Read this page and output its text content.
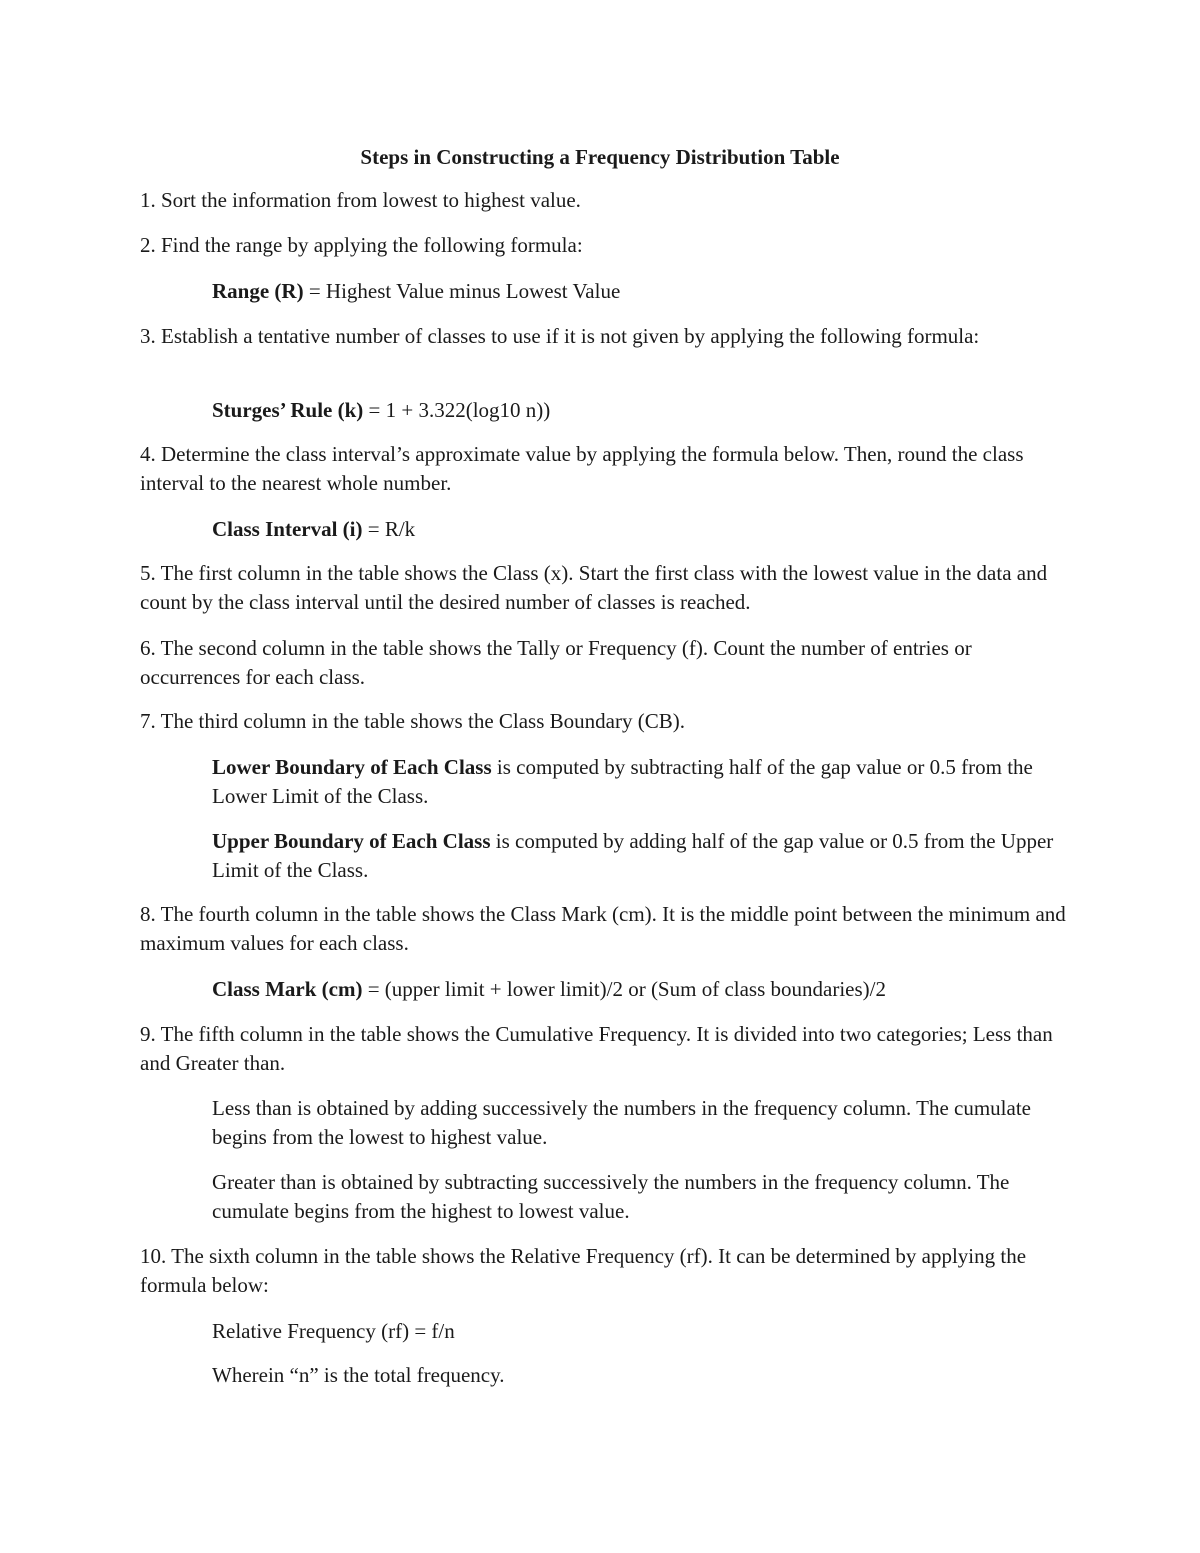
Steps in Constructing a Frequency Distribution Table

1. Sort the information from lowest to highest value.

2. Find the range by applying the following formula:

Range (R) = Highest Value minus Lowest Value

3. Establish a tentative number of classes to use if it is not given by applying the following formula:

Sturges’ Rule (k) = 1 + 3.322(log10 n))

4. Determine the class interval’s approximate value by applying the formula below. Then, round the class interval to the nearest whole number.

Class Interval (i) = R/k

5. The first column in the table shows the Class (x). Start the first class with the lowest value in the data and count by the class interval until the desired number of classes is reached.

6. The second column in the table shows the Tally or Frequency (f). Count the number of entries or occurrences for each class.

7. The third column in the table shows the Class Boundary (CB).

Lower Boundary of Each Class is computed by subtracting half of the gap value or 0.5 from the Lower Limit of the Class.

Upper Boundary of Each Class is computed by adding half of the gap value or 0.5 from the Upper Limit of the Class.

8. The fourth column in the table shows the Class Mark (cm). It is the middle point between the minimum and maximum values for each class.

Class Mark (cm) = (upper limit + lower limit)/2 or (Sum of class boundaries)/2

9. The fifth column in the table shows the Cumulative Frequency. It is divided into two categories; Less than and Greater than.

Less than is obtained by adding successively the numbers in the frequency column. The cumulate begins from the lowest to highest value.

Greater than is obtained by subtracting successively the numbers in the frequency column. The cumulate begins from the highest to lowest value.

10. The sixth column in the table shows the Relative Frequency (rf). It can be determined by applying the formula below:

Relative Frequency (rf) = f/n

Wherein “n” is the total frequency.
